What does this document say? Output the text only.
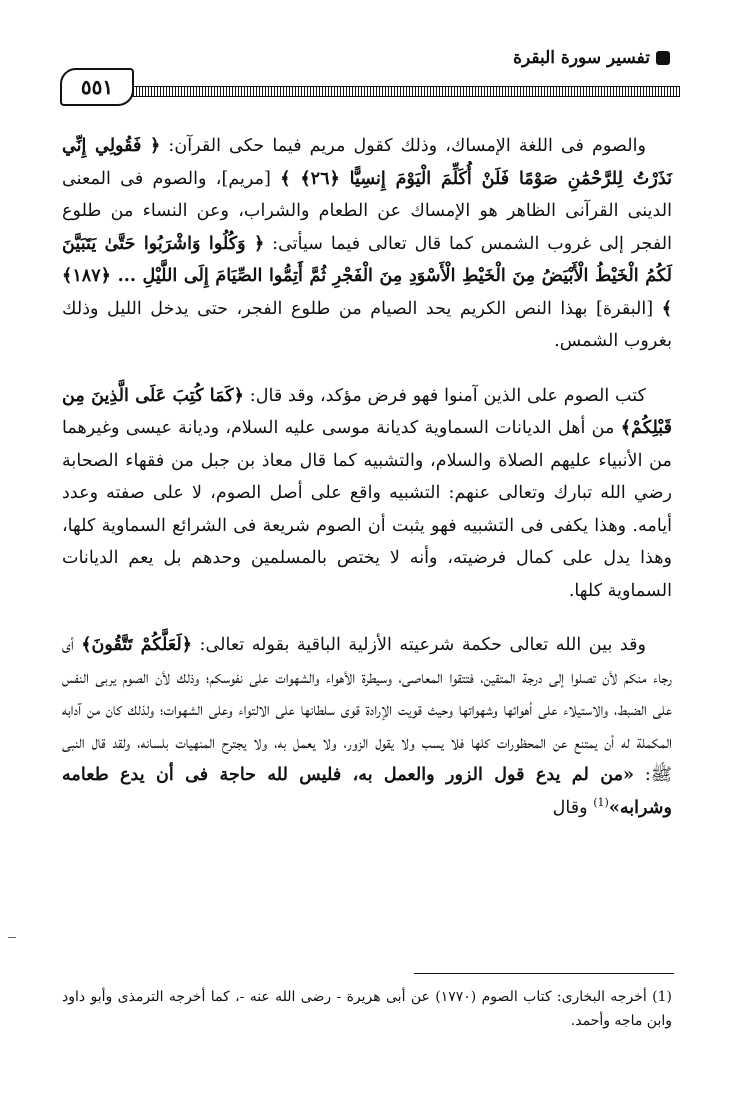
تفسير سورة البقرة
٥٥١

والصوم فى اللغة الإمساك، وذلك كقول مريم فيما حكى القرآن: ﴿ فَقُولِي إِنِّي نَذَرْتُ لِلرَّحْمَٰنِ صَوْمًا فَلَنْ أُكَلِّمَ الْيَوْمَ إِنسِيًّا ﴿٢٦﴾ ﴾ [مريم]، والصوم فى المعنى الدينى القرآنى الظاهر هو الإمساك عن الطعام والشراب، وعن النساء من طلوع الفجر إلى غروب الشمس كما قال تعالى فيما سيأتى: ﴿ وَكُلُوا وَاشْرَبُوا حَتَّىٰ يَتَبَيَّنَ لَكُمُ الْخَيْطُ الْأَبْيَضُ مِنَ الْخَيْطِ الْأَسْوَدِ مِنَ الْفَجْرِ ثُمَّ أَتِمُّوا الصِّيَامَ إِلَى اللَّيْلِ ... ﴿١٨٧﴾ ﴾ [البقرة] بهذا النص الكريم يحد الصيام من طلوع الفجر، حتى يدخل الليل وذلك بغروب الشمس.

كتب الصوم على الذين آمنوا فهو فرض مؤكد، وقد قال: ﴿كَمَا كُتِبَ عَلَى الَّذِينَ مِن قَبْلِكُمْ﴾ من أهل الديانات السماوية كديانة موسى عليه السلام، وديانة عيسى وغيرهما من الأنبياء عليهم الصلاة والسلام، والتشبيه كما قال معاذ بن جبل من فقهاء الصحابة رضي الله تبارك وتعالى عنهم: التشبيه واقع على أصل الصوم، لا على صفته وعدد أيامه. وهذا يكفى فى التشبيه فهو يثبت أن الصوم شريعة فى الشرائع السماوية كلها، وهذا يدل على كمال فرضيته، وأنه لا يختص بالمسلمين وحدهم بل يعم الديانات السماوية كلها.

وقد بين الله تعالى حكمة شرعيته الأزلية الباقية بقوله تعالى: ﴿لَعَلَّكُمْ تَتَّقُونَ﴾ أى رجاء منكم لأن تصلوا إلى درجة المتقين، فتتقوا المعاصى، وسيطرة الأهواء والشهوات على نفوسكم؛ وذلك لأن الصوم يربى النفس على الضبط، والاستيلاء على أهوائها وشهواتها وحيث قويت الإرادة قوى سلطانها على الالتواء وعلى الشهوات؛ ولذلك كان من آدابه المكملة له أن يمتنع عن المحظورات كلها فلا يسب ولا يقول الزور، ولا يعمل به، ولا يجترح المنهيات بلسانه، ولقد قال النبى ﷺ: «من لم يدع قول الزور والعمل به، فليس لله حاجة فى أن يدع طعامه وشرابه»$^{(1)}$ وقال

(1) أخرجه البخارى: كتاب الصوم (١٧٧٠) عن أبى هريرة - رضى الله عنه -، كما أخرجه الترمذى وأبو داود وابن ماجه وأحمد.
